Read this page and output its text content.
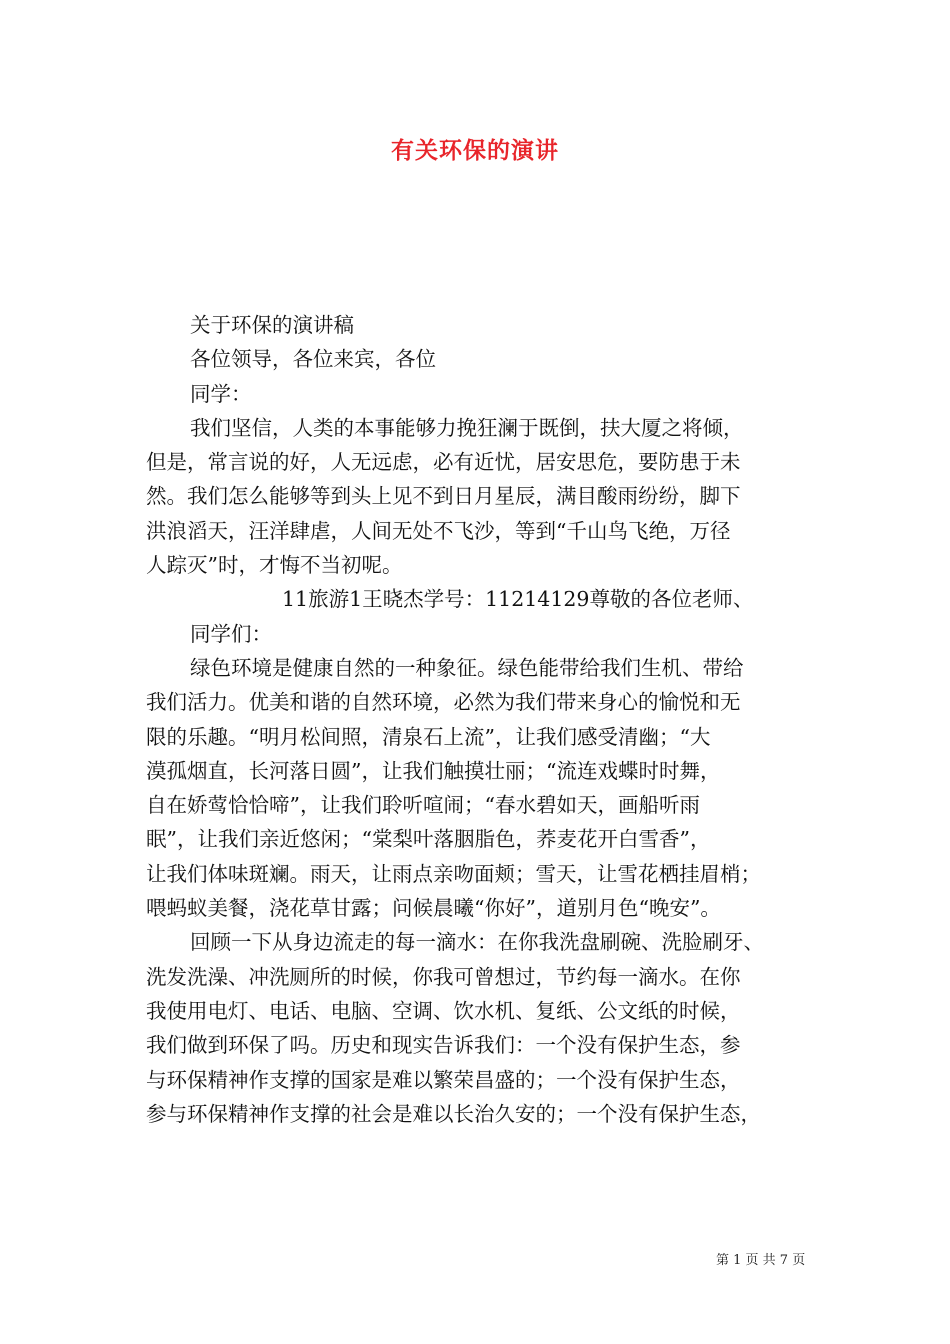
有关环保的演讲
关于环保的演讲稿
各位领导，各位来宾，各位
同学：
我们坚信，人类的本事能够力挽狂澜于既倒，扶大厦之将倾，
但是，常言说的好，人无远虑，必有近忧，居安思危，要防患于未
然。我们怎么能够等到头上见不到日月星辰，满目酸雨纷纷，脚下
洪浪滔天，汪洋肆虐，人间无处不飞沙，等到“千山鸟飞绝，万径
人踪灭”时，才悔不当初呢。
11旅游1王晓杰学号：11214129尊敬的各位老师、
同学们：
绿色环境是健康自然的一种象征。绿色能带给我们生机、带给
我们活力。优美和谐的自然环境，必然为我们带来身心的愉悦和无
限的乐趣。“明月松间照，清泉石上流”，让我们感受清幽；“大
漠孤烟直，长河落日圆”，让我们触摸壮丽；“流连戏蝶时时舞，
自在娇莺恰恰啼”，让我们聆听喧闹；“春水碧如天，画船听雨
眠”，让我们亲近悠闲；“棠梨叶落胭脂色，荞麦花开白雪香”，
让我们体味斑斓。雨天，让雨点亲吻面颊；雪天，让雪花栖挂眉梢；
喂蚂蚁美餐，浇花草甘露；问候晨曦“你好”，道别月色“晚安”。
回顾一下从身边流走的每一滴水：在你我洗盘刷碗、洗脸刷牙、
洗发洗澡、冲洗厕所的时候，你我可曾想过，节约每一滴水。在你
我使用电灯、电话、电脑、空调、饮水机、复纸、公文纸的时候，
我们做到环保了吗。历史和现实告诉我们：一个没有保护生态，参
与环保精神作支撑的国家是难以繁荣昌盛的；一个没有保护生态，
参与环保精神作支撑的社会是难以长治久安的；一个没有保护生态，
第 1 页 共 7 页
